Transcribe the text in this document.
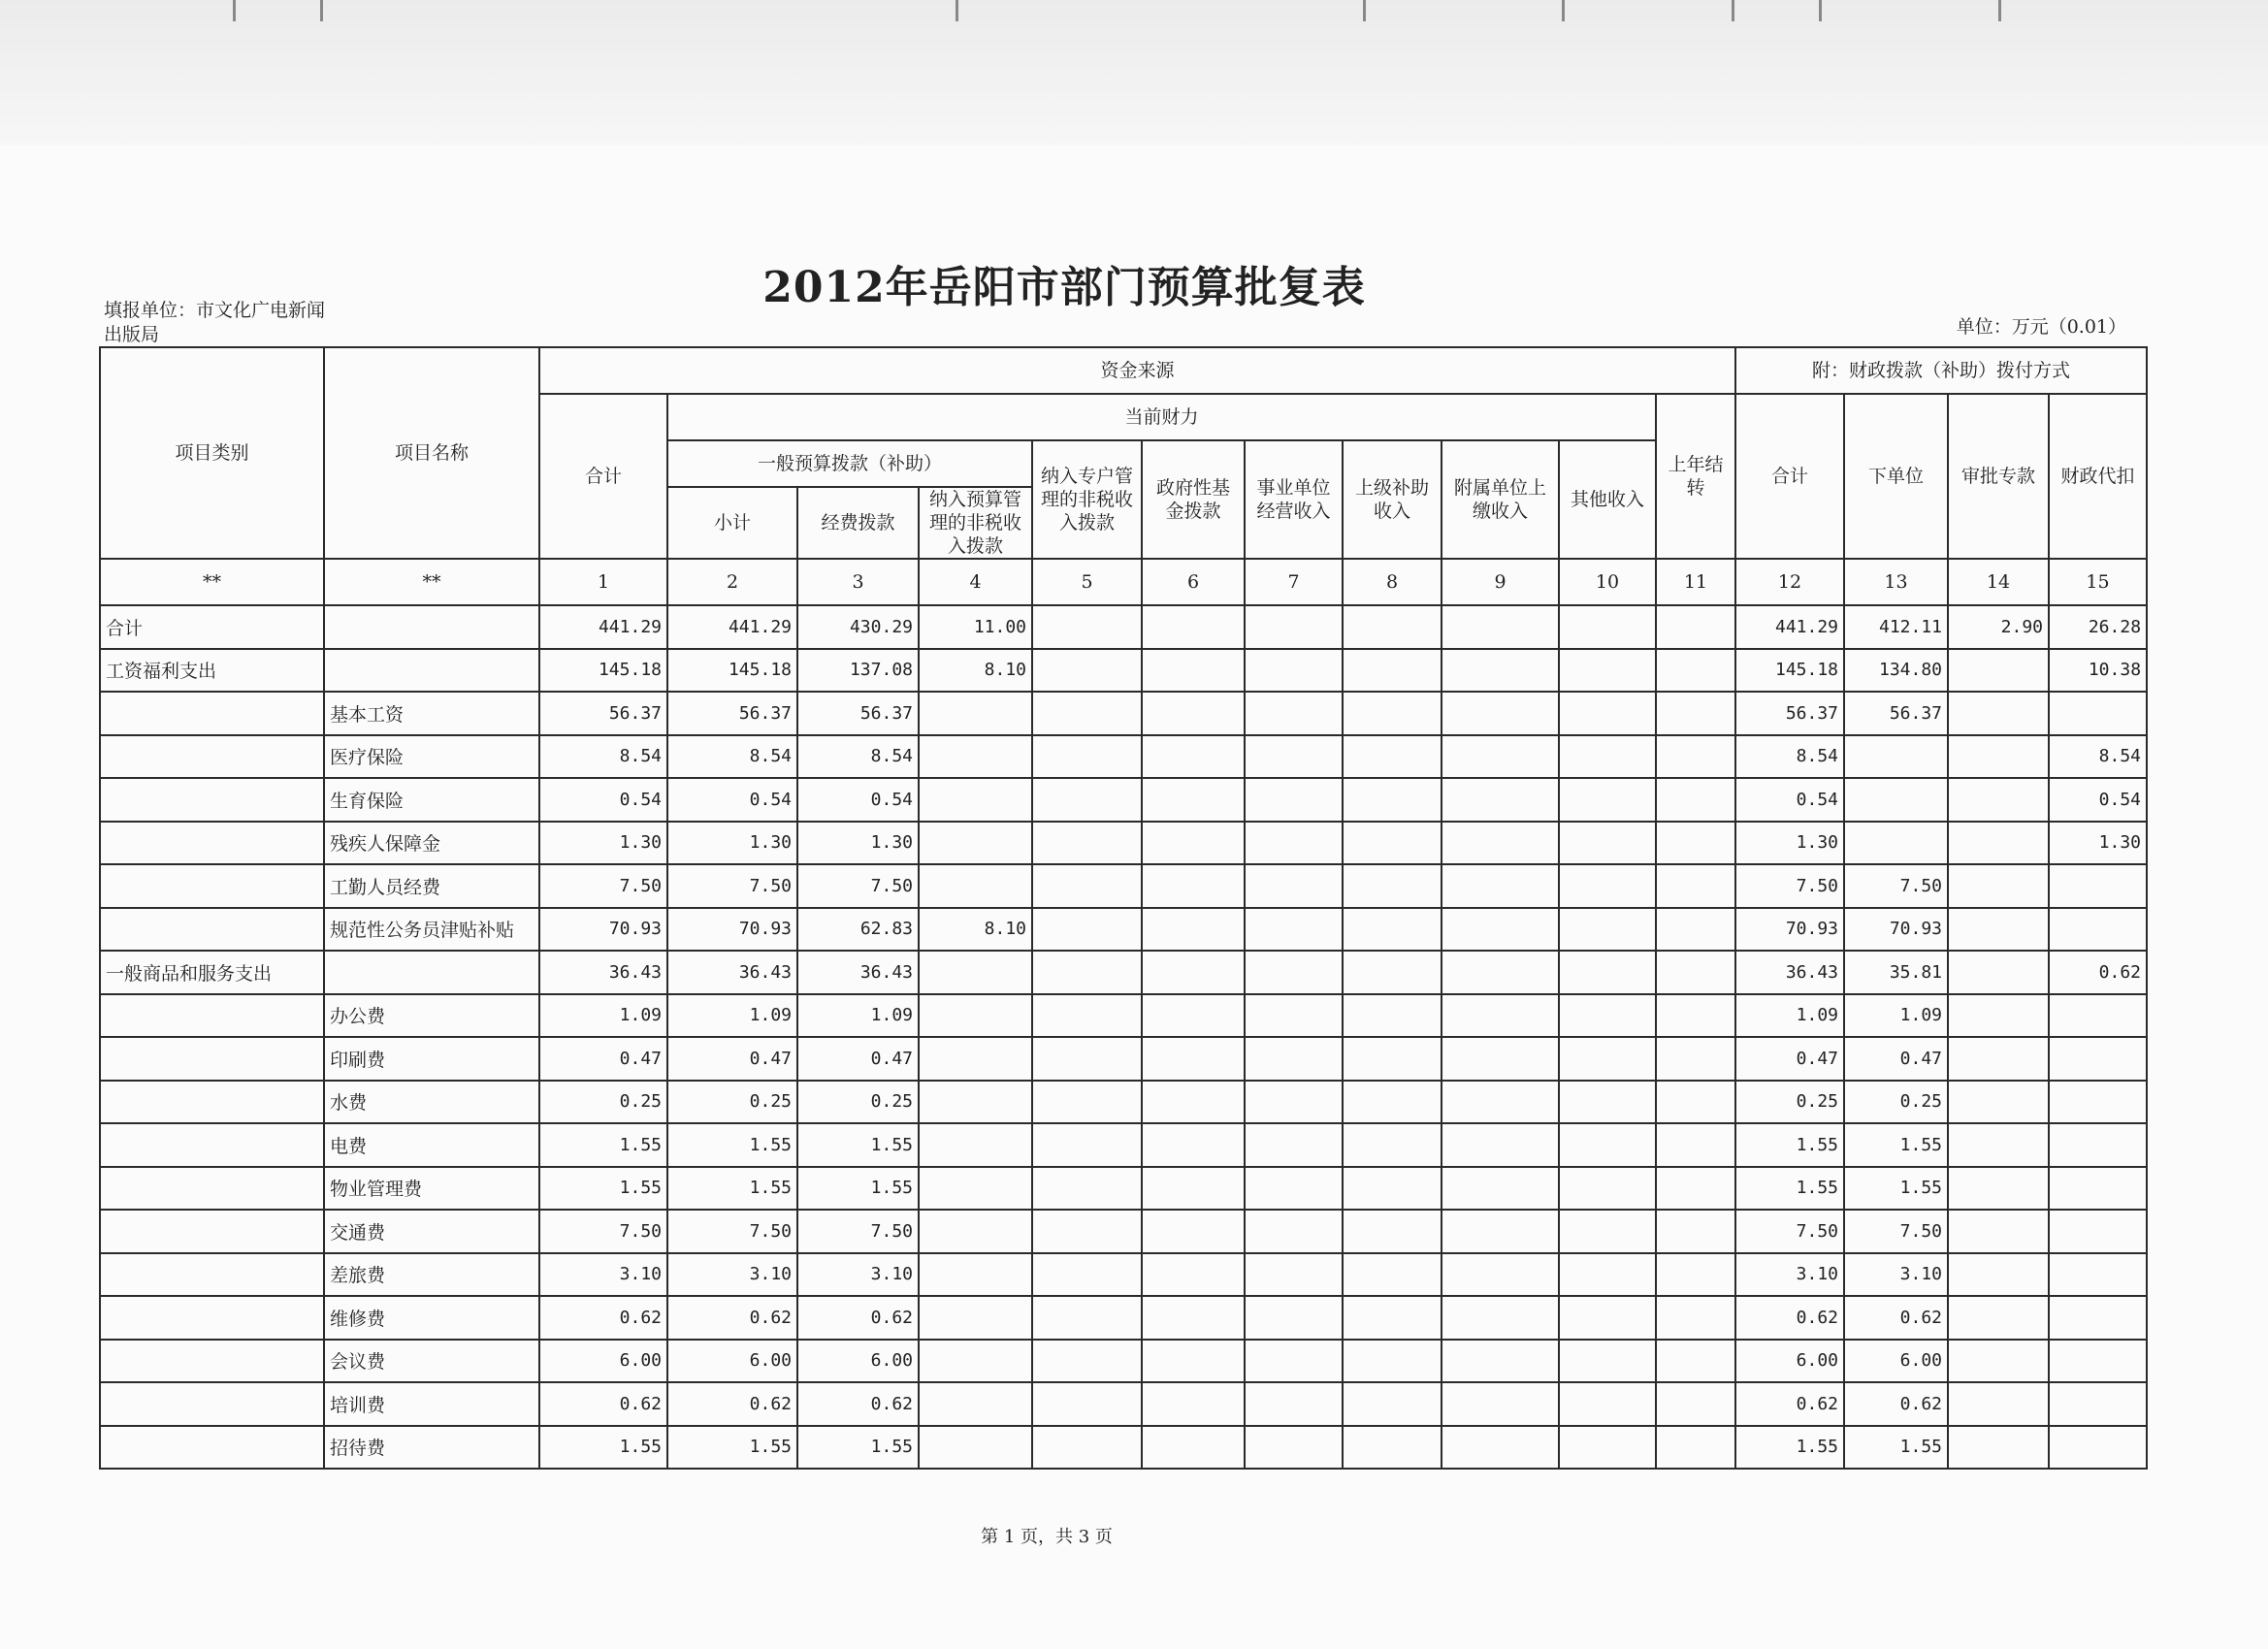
2012年岳阳市部门预算批复表
填报单位：市文化广电新闻出版局	单位：万元（0.01）
项目类别	项目名称	资金来源											附：财政拨款（补助）拨付方式			
		合计	当前财力									上年结转	合计	下单位	审批专款	财政代扣
			一般预算拨款（补助）			纳入专户管理的非税收入拨款	政府性基金拨款	事业单位经营收入	上级补助收入	附属单位上缴收入	其他收入					
			小计	经费拨款	纳入预算管理的非税收入拨款											
**	**	1	2	3	4	5	6	7	8	9	10	11	12	13	14	15
合计		441.29	441.29	430.29	11.00								441.29	412.11	2.90	26.28
工资福利支出		145.18	145.18	137.08	8.10								145.18	134.80		10.38
	基本工资	56.37	56.37	56.37									56.37	56.37		
	医疗保险	8.54	8.54	8.54									8.54			8.54
	生育保险	0.54	0.54	0.54									0.54			0.54
	残疾人保障金	1.30	1.30	1.30									1.30			1.30
	工勤人员经费	7.50	7.50	7.50									7.50	7.50		
	规范性公务员津贴补贴	70.93	70.93	62.83	8.10								70.93	70.93		
一般商品和服务支出		36.43	36.43	36.43									36.43	35.81		0.62
	办公费	1.09	1.09	1.09									1.09	1.09		
	印刷费	0.47	0.47	0.47									0.47	0.47		
	水费	0.25	0.25	0.25									0.25	0.25		
	电费	1.55	1.55	1.55									1.55	1.55		
	物业管理费	1.55	1.55	1.55									1.55	1.55		
	交通费	7.50	7.50	7.50									7.50	7.50		
	差旅费	3.10	3.10	3.10									3.10	3.10		
	维修费	0.62	0.62	0.62									0.62	0.62		
	会议费	6.00	6.00	6.00									6.00	6.00		
	培训费	0.62	0.62	0.62									0.62	0.62		
	招待费	1.55	1.55	1.55									1.55	1.55		
第 1 页，共 3 页
